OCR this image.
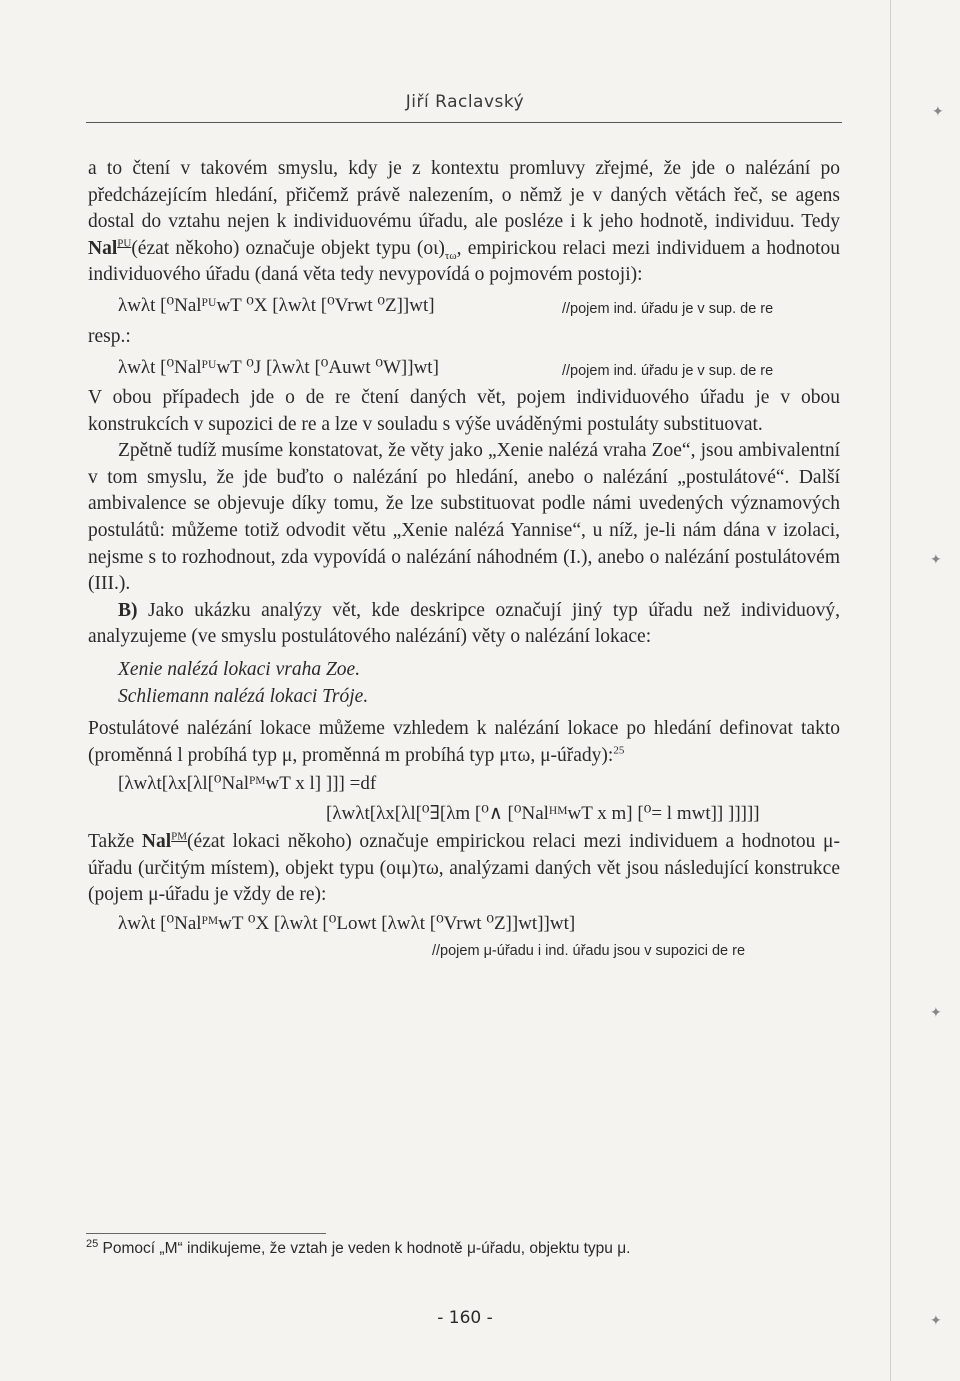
✦
✦
✦
✦
Jiří Raclavský

a to čtení v takovém smyslu, kdy je z kontextu promluvy zřejmé, že jde o nalézání po předcházejícím hledání, přičemž právě nalezením, o němž je v daných větách řeč, se agens dostal do vztahu nejen k individuovému úřadu, ale posléze i k jeho hodnotě, individuu. Tedy Nal$^{PU}$(ézat někoho) označuje objekt typu $(o\iota)_{\tau\omega}$, empirickou relaci mezi individuem a hodnotou individuového úřadu (daná věta tedy nevypovídá o pojmovém postoji):

λwλt [⁰NalᴾᵁwT ⁰X [λwλt [⁰Vrwt ⁰Z]]wt]	//pojem ind. úřadu je v sup. de re
resp.:
λwλt [⁰NalᴾᵁwT ⁰J [λwλt [⁰Auwt ⁰W]]wt]	//pojem ind. úřadu je v sup. de re

V obou případech jde o de re čtení daných vět, pojem individuového úřadu je v obou konstrukcích v supozici de re a lze v souladu s výše uváděnými postuláty substituovat.

Zpětně tudíž musíme konstatovat, že věty jako „Xenie nalézá vraha Zoe“, jsou ambivalentní v tom smyslu, že jde buďto o nalézání po hledání, anebo o nalézání „postulátové“. Další ambivalence se objevuje díky tomu, že lze substituovat podle námi uvedených významových postulátů: můžeme totiž odvodit větu „Xenie nalézá Yannise“, u níž, je-li nám dána v izolaci, nejsme s to rozhodnout, zda vypovídá o nalézání náhodném (I.), anebo o nalézání postulátovém (III.).

B) Jako ukázku analýzy vět, kde deskripce označují jiný typ úřadu než individuový, analyzujeme (ve smyslu postulátového nalézání) věty o nalézání lokace:

Xenie nalézá lokaci vraha Zoe.
Schliemann nalézá lokaci Tróje.

Postulátové nalézání lokace můžeme vzhledem k nalézání lokace po hledání definovat takto (proměnná l probíhá typ μ, proměnná m probíhá typ μτω, μ-úřady):$^{25}$

[λwλt[λx[λl[⁰NalᴾᴹwT x l] ]]] =df
[λwλt[λx[λl[⁰∃[λm [⁰∧ [⁰NalᴴᴹwT x m] [⁰= l mwt]] ]]]]]

Takže Nal$^{PM}$(ézat lokaci někoho) označuje empirickou relaci mezi individuem a hodnotou μ-úřadu (určitým místem), objekt typu (οιμ)τω, analýzami daných vět jsou následující konstrukce (pojem μ-úřadu je vždy de re):

λwλt [⁰NalᴾᴹwT ⁰X [λwλt [⁰Lowt [λwλt [⁰Vrwt ⁰Z]]wt]]wt]
//pojem μ-úřadu i ind. úřadu jsou v supozici de re
$^{25}$ Pomocí „M“ indikujeme, že vztah je veden k hodnotě μ-úřadu, objektu typu μ.
- 160 -
